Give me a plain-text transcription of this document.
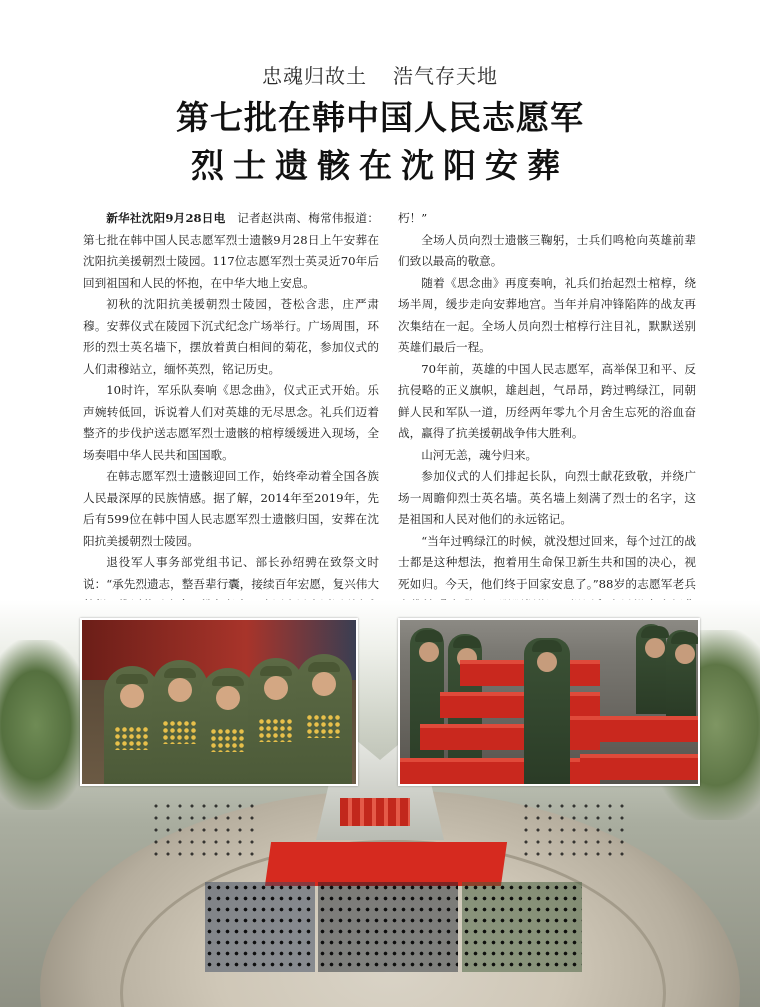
忠魂归故土 浩气存天地
第七批在韩中国人民志愿军
烈士遗骸在沈阳安葬

新华社沈阳9月28日电　 记者赵洪南、梅常伟报道：第七批在韩中国人民志愿军烈士遗骸9月28日上午安葬在沈阳抗美援朝烈士陵园。117位志愿军烈士英灵近70年后回到祖国和人民的怀抱，在中华大地上安息。

初秋的沈阳抗美援朝烈士陵园，苍松含悲，庄严肃穆。安葬仪式在陵园下沉式纪念广场举行。广场周围，环形的烈士英名墙下，摆放着黄白相间的菊花，参加仪式的人们肃穆站立，缅怀英烈，铭记历史。

10时许，军乐队奏响《思念曲》，仪式正式开始。乐声婉转低回，诉说着人们对英雄的无尽思念。礼兵们迈着整齐的步伐护送志愿军烈士遗骸的棺椁缓缓进入现场，全场奏唱中华人民共和国国歌。

在韩志愿军烈士遗骸迎回工作，始终牵动着全国各族人民最深厚的民族情感。据了解，2014年至2019年，先后有599位在韩中国人民志愿军烈士遗骸归国，安葬在沈阳抗美援朝烈士陵园。

退役军人事务部党组书记、部长孙绍骋在致祭文时说：“承先烈遗志，整吾辈行囊，接续百年宏愿，复兴伟大

朽！”

全场人员向烈士遗骸三鞠躬，士兵们鸣枪向英雄前辈们致以最高的敬意。

随着《思念曲》再度奏响，礼兵们抬起烈士棺椁，绕场半周，缓步走向安葬地宫。当年并肩冲锋陷阵的战友再次集结在一起。全场人员向烈士棺椁行注目礼，默默送别英雄们最后一程。

70年前，英雄的中国人民志愿军，高举保卫和平、反抗侵略的正义旗帜，雄赳赳，气昂昂，跨过鸭绿江，同朝鲜人民和军队一道，历经两年零九个月舍生忘死的浴血奋战，赢得了抗美援朝战争伟大胜利。

山河无恙，魂兮归来。

参加仪式的人们排起长队，向烈士献花致敬，并绕广场一周瞻仰烈士英名墙。英名墙上刻满了烈士的名字，这是祖国和人民对他们的永远铭记。

“当年过鸭绿江的时候，就没想过回来，每个过江的战士都是这种想法，抱着用生命保卫新生共和国的决心，视死如归。今天，他们终于回家安息了。”88岁的志愿军老兵
